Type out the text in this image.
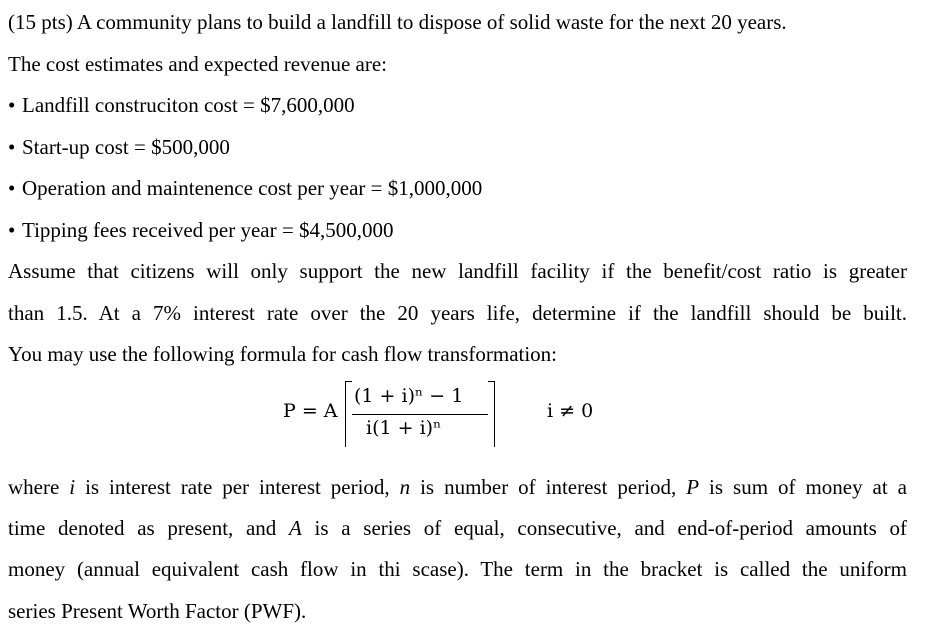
(15 pts) A community plans to build a landfill to dispose of solid waste for the next 20 years.
The cost estimates and expected revenue are:
• Landfill construciton cost = $7,600,000
• Start-up cost = $500,000
• Operation and maintenence cost per year = $1,000,000
• Tipping fees received per year = $4,500,000
Assume that citizens will only support the new landfill facility if the benefit/cost ratio is greater
than 1.5. At a 7% interest rate over the 20 years life, determine if the landfill should be built.
You may use the following formula for cash flow transformation:
P = A
(1 + i)ⁿ − 1
i(1 + i)ⁿ
i ≠ 0
where i is interest rate per interest period, n is number of interest period, P is sum of money at a
time denoted as present, and A is a series of equal, consecutive, and end-of-period amounts of
money (annual equivalent cash flow in thi scase). The term in the bracket is called the uniform
series Present Worth Factor (PWF).
